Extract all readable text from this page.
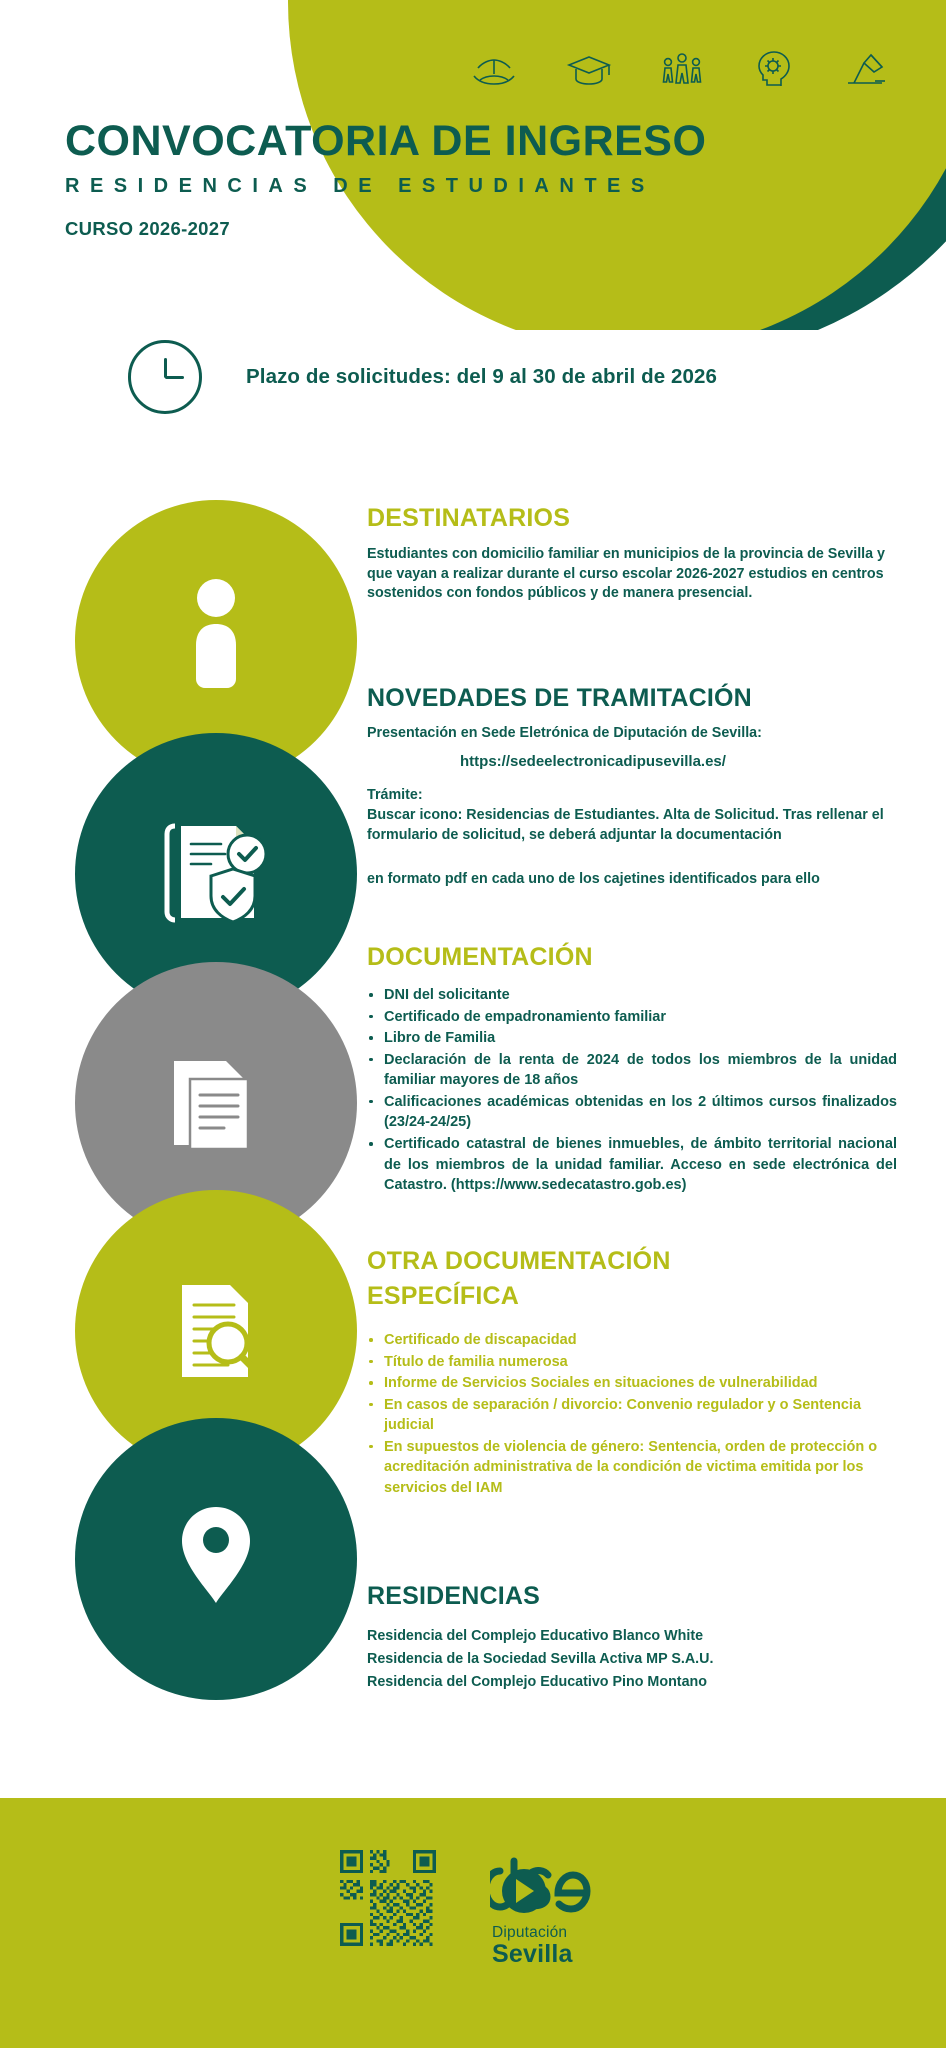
CONVOCATORIA DE INGRESO
RESIDENCIAS DE ESTUDIANTES
CURSO 2026-2027
Plazo de solicitudes: del 9 al 30 de abril de 2026
DESTINATARIOS
Estudiantes con domicilio familiar en municipios de la provincia de Sevilla y que vayan a realizar durante el curso escolar 2026-2027 estudios en centros sostenidos con fondos públicos y de manera presencial.
NOVEDADES DE TRAMITACIÓN
Presentación en Sede Eletrónica de Diputación de Sevilla:
https://sedeelectronicadipusevilla.es/
Trámite:
Buscar icono: Residencias de Estudiantes. Alta de Solicitud. Tras rellenar el formulario de solicitud, se deberá adjuntar la documentación
en formato pdf en cada uno de los cajetines identificados para ello
DOCUMENTACIÓN
DNI del solicitante
Certificado de empadronamiento familiar
Libro de Familia
Declaración de la renta de 2024 de todos los miembros de la unidad familiar mayores de 18 años
Calificaciones académicas obtenidas en los 2 últimos cursos finalizados (23/24-24/25)
Certificado catastral de bienes inmuebles, de ámbito territorial nacional de los miembros de la unidad familiar. Acceso en sede electrónica del Catastro. (https://www.sedecatastro.gob.es)
OTRA DOCUMENTACIÓN
ESPECÍFICA
Certificado de discapacidad
Título de familia numerosa
Informe de Servicios Sociales en situaciones de vulnerabilidad
En casos de separación / divorcio: Convenio regulador y o Sentencia judicial
En supuestos de violencia de género: Sentencia, orden de protección o acreditación administrativa de la condición de victima emitida por los servicios del IAM
RESIDENCIAS
Residencia del Complejo Educativo Blanco White
Residencia de la Sociedad Sevilla Activa MP S.A.U.
Residencia del Complejo Educativo Pino Montano
Diputación
Sevilla
